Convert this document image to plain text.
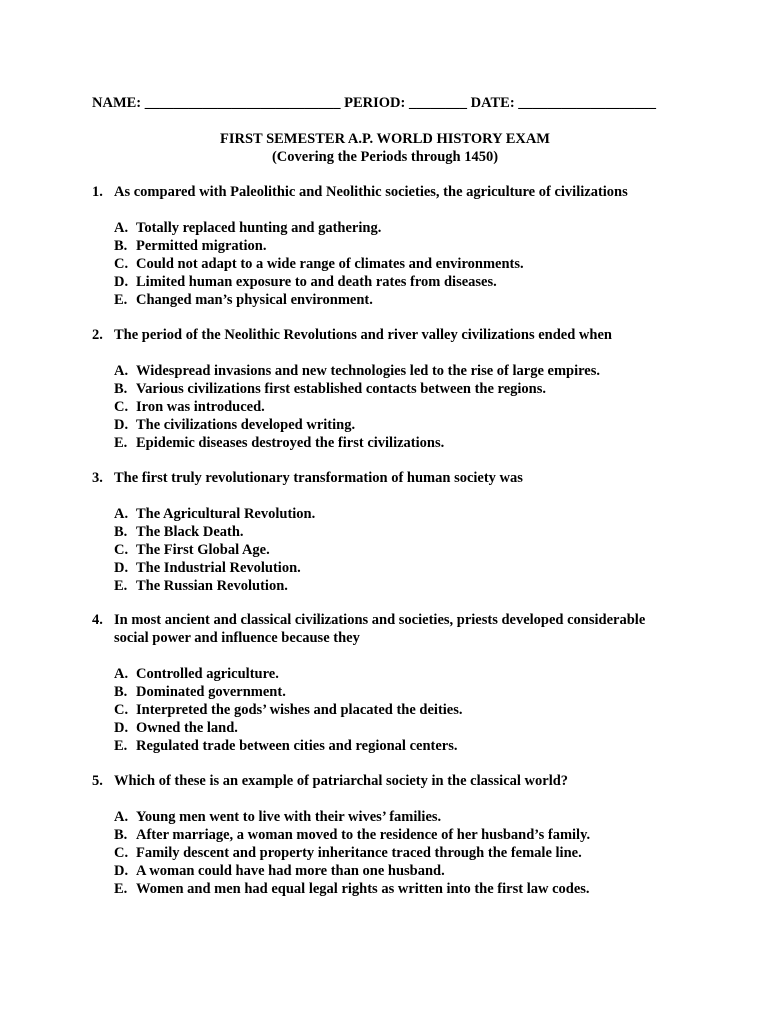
NAME: ___________________________ PERIOD: ________ DATE: ___________________
FIRST SEMESTER A.P. WORLD HISTORY EXAM
(Covering the Periods through 1450)
1. As compared with Paleolithic and Neolithic societies, the agriculture of civilizations
A. Totally replaced hunting and gathering.
B. Permitted migration.
C. Could not adapt to a wide range of climates and environments.
D. Limited human exposure to and death rates from diseases.
E. Changed man’s physical environment.
2. The period of the Neolithic Revolutions and river valley civilizations ended when
A. Widespread invasions and new technologies led to the rise of large empires.
B. Various civilizations first established contacts between the regions.
C. Iron was introduced.
D. The civilizations developed writing.
E. Epidemic diseases destroyed the first civilizations.
3. The first truly revolutionary transformation of human society was
A. The Agricultural Revolution.
B. The Black Death.
C. The First Global Age.
D. The Industrial Revolution.
E. The Russian Revolution.
4. In most ancient and classical civilizations and societies, priests developed considerable social power and influence because they
A. Controlled agriculture.
B. Dominated government.
C. Interpreted the gods’ wishes and placated the deities.
D. Owned the land.
E. Regulated trade between cities and regional centers.
5. Which of these is an example of patriarchal society in the classical world?
A. Young men went to live with their wives’ families.
B. After marriage, a woman moved to the residence of her husband’s family.
C. Family descent and property inheritance traced through the female line.
D. A woman could have had more than one husband.
E. Women and men had equal legal rights as written into the first law codes.
